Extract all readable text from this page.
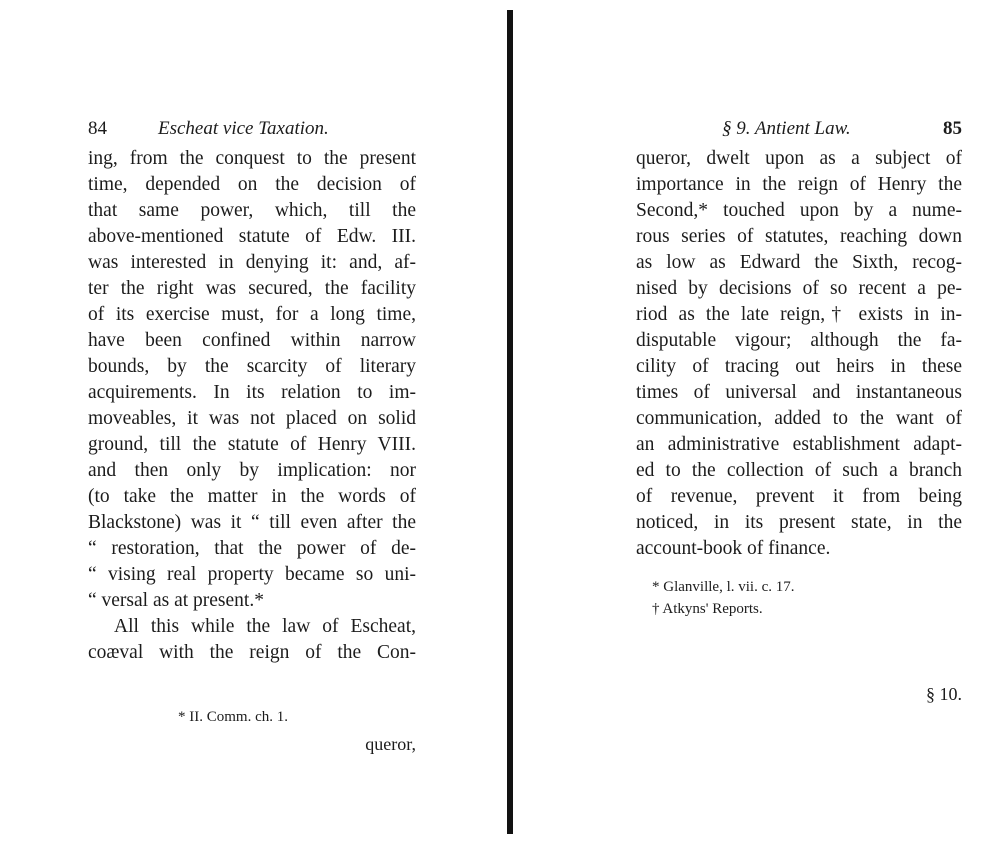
84	Escheat vice Taxation.
ing, from the conquest to the present
time, depended on the decision of
that same power, which, till the
above-mentioned statute of Edw. III.
was interested in denying it: and, af-
ter the right was secured, the facility
of its exercise must, for a long time,
have been confined within narrow
bounds, by the scarcity of literary
acquirements. In its relation to im-
moveables, it was not placed on solid
ground, till the statute of Henry VIII.
and then only by implication: nor
(to take the matter in the words of
Blackstone) was it “ till even after the
“ restoration, that the power of de-
“ vising real property became so uni-
“ versal as at present.*
All this while the law of Escheat,
coæval with the reign of the Con-
* II. Comm. ch. 1.
queror,
§ 9. Antient Law.	85
queror, dwelt upon as a subject of
importance in the reign of Henry the
Second,* touched upon by a nume-
rous series of statutes, reaching down
as low as Edward the Sixth, recog-
nised by decisions of so recent a pe-
riod as the late reign,† exists in in-
disputable vigour; although the fa-
cility of tracing out heirs in these
times of universal and instantaneous
communication, added to the want of
an administrative establishment adapt-
ed to the collection of such a branch
of revenue, prevent it from being
noticed, in its present state, in the
account-book of finance.
* Glanville, l. vii. c. 17.
† Atkyns' Reports.
§ 10.
